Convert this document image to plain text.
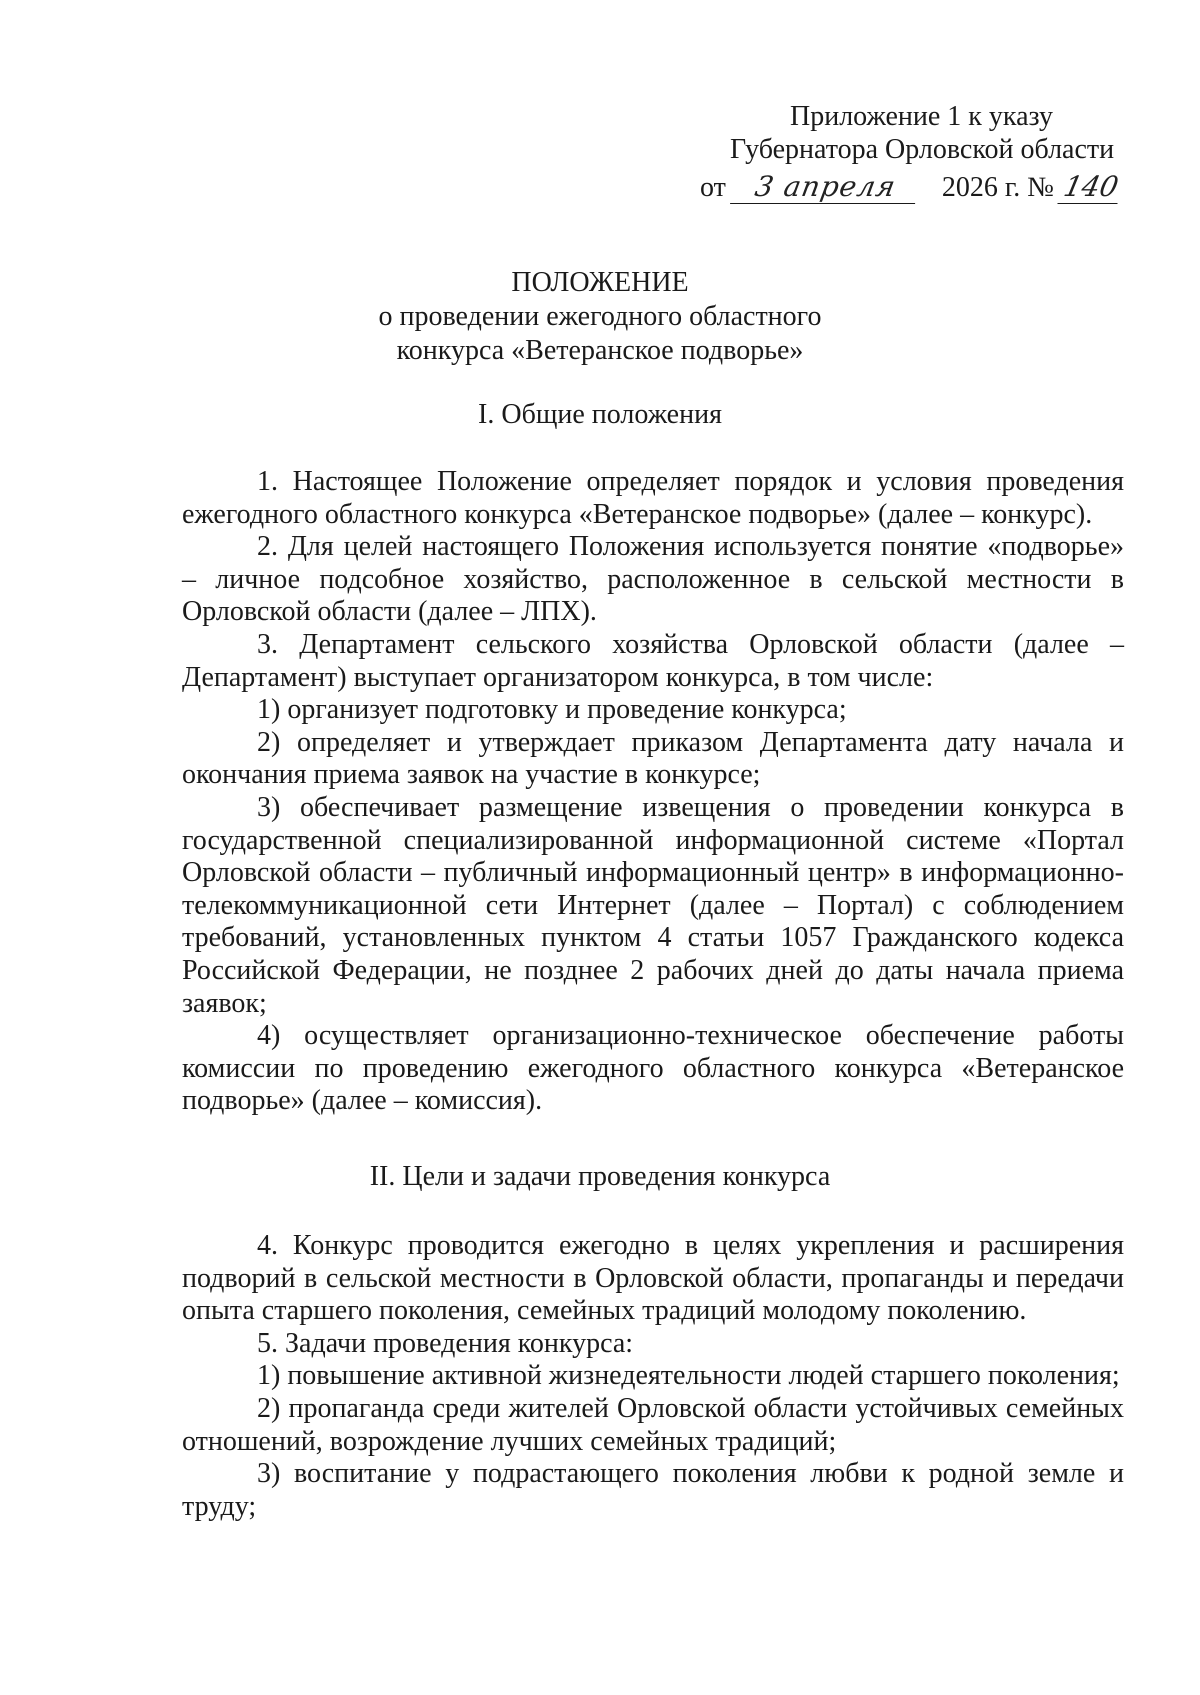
Приложение 1 к указу
Губернатора Орловской области
от 3 апреля 2026 г. № 140
ПОЛОЖЕНИЕ
о проведении ежегодного областного
конкурса «Ветеранское подворье»
I. Общие положения

1. Настоящее Положение определяет порядок и условия проведения ежегодного областного конкурса «Ветеранское подворье» (далее – конкурс).

2. Для целей настоящего Положения используется понятие «подворье» – личное подсобное хозяйство, расположенное в сельской местности в Орловской области (далее – ЛПХ).

3. Департамент сельского хозяйства Орловской области (далее – Департамент) выступает организатором конкурса, в том числе:

1) организует подготовку и проведение конкурса;

2) определяет и утверждает приказом Департамента дату начала и окончания приема заявок на участие в конкурсе;

3) обеспечивает размещение извещения о проведении конкурса в государственной специализированной информационной системе «Портал Орловской области – публичный информационный центр» в информационно-телекоммуникационной сети Интернет (далее – Портал) с соблюдением требований, установленных пунктом 4 статьи 1057 Гражданского кодекса Российской Федерации, не позднее 2 рабочих дней до даты начала приема заявок;

4) осуществляет организационно-техническое обеспечение работы комиссии по проведению ежегодного областного конкурса «Ветеранское подворье» (далее – комиссия).

II. Цели и задачи проведения конкурса

4. Конкурс проводится ежегодно в целях укрепления и расширения подворий в сельской местности в Орловской области, пропаганды и передачи опыта старшего поколения, семейных традиций молодому поколению.

5. Задачи проведения конкурса:

1) повышение активной жизнедеятельности людей старшего поколения;

2) пропаганда среди жителей Орловской области устойчивых семейных отношений, возрождение лучших семейных традиций;

3) воспитание у подрастающего поколения любви к родной земле и труду;
